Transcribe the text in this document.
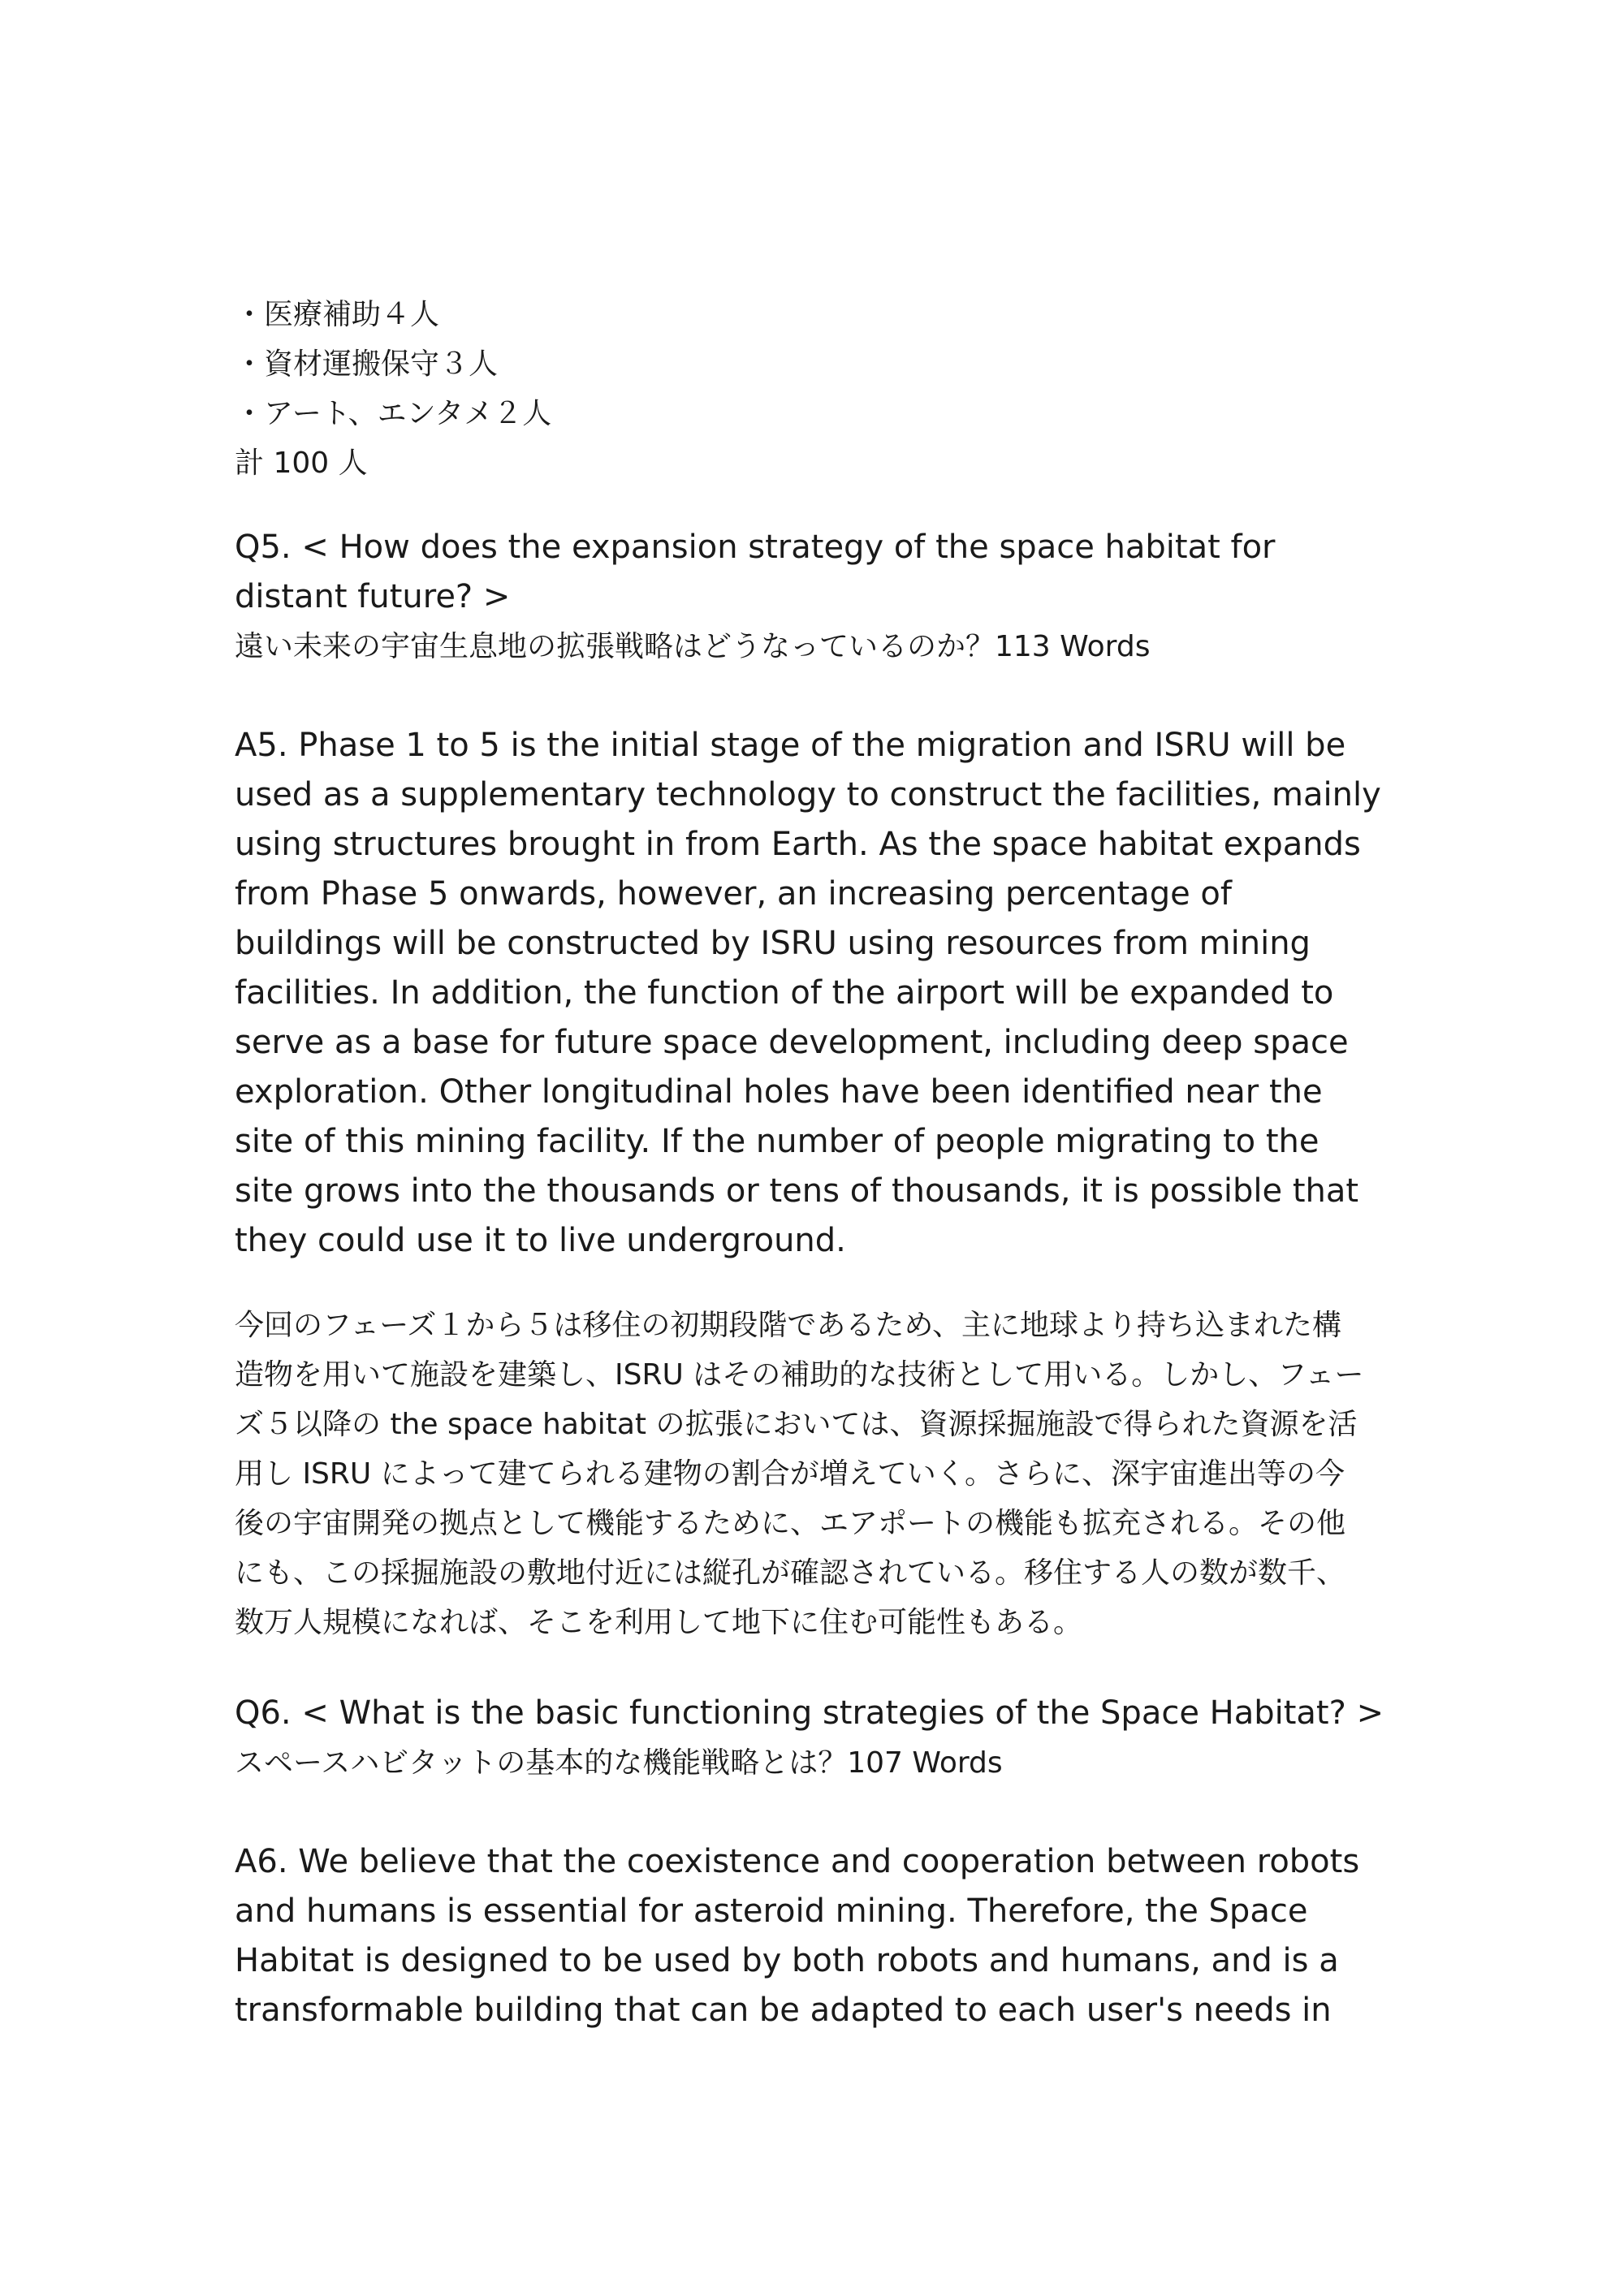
・医療補助４人
・資材運搬保守３人
・アート、エンタメ２人
計 100 人

Q5. < How does the expansion strategy of the space habitat for
distant future? >

遠い未来の宇宙生息地の拡張戦略はどうなっているのか？113 Words

A5. Phase 1 to 5 is the initial stage of the migration and ISRU will be
used as a supplementary technology to construct the facilities, mainly
using structures brought in from Earth. As the space habitat expands
from Phase 5 onwards, however, an increasing percentage of
buildings will be constructed by ISRU using resources from mining
facilities. In addition, the function of the airport will be expanded to
serve as a base for future space development, including deep space
exploration. Other longitudinal holes have been identified near the
site of this mining facility. If the number of people migrating to the
site grows into the thousands or tens of thousands, it is possible that
they could use it to live underground.

今回のフェーズ１から５は移住の初期段階であるため、主に地球より持ち込まれた構
造物を用いて施設を建築し、ISRU はその補助的な技術として用いる。しかし、フェー
ズ５以降の the space habitat の拡張においては、資源採掘施設で得られた資源を活
用し ISRU によって建てられる建物の割合が増えていく。さらに、深宇宙進出等の今
後の宇宙開発の拠点として機能するために、エアポートの機能も拡充される。その他
にも、この採掘施設の敷地付近には縦孔が確認されている。移住する人の数が数千、
数万人規模になれば、そこを利用して地下に住む可能性もある。

Q6. < What is the basic functioning strategies of the Space Habitat? >

スペースハビタットの基本的な機能戦略とは？107 Words

A6. We believe that the coexistence and cooperation between robots
and humans is essential for asteroid mining. Therefore, the Space
Habitat is designed to be used by both robots and humans, and is a
transformable building that can be adapted to each user's needs in
